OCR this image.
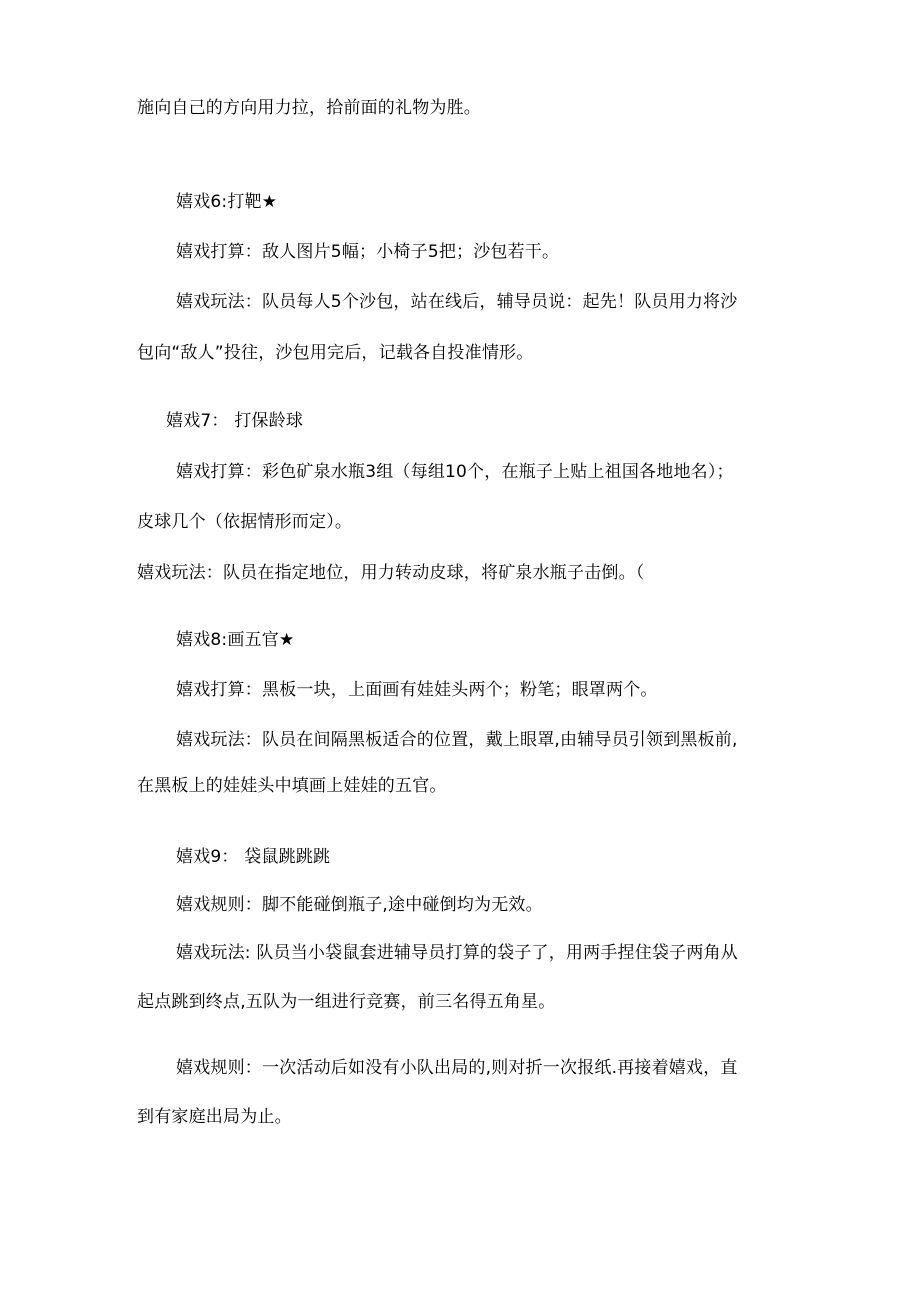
施向自己的方向用力拉，拾前面的礼物为胜。
嬉戏6:打靶★
嬉戏打算：敌人图片5幅；小椅子5把；沙包若干。
嬉戏玩法：队员每人5个沙包，站在线后，辅导员说：起先！队员用力将沙
包向“敌人”投往，沙包用完后，记载各自投准情形。
嬉戏7： 打保龄球
嬉戏打算：彩色矿泉水瓶3组（每组10个，在瓶子上贴上祖国各地地名）；
皮球几个（依据情形而定）。
嬉戏玩法：队员在指定地位，用力转动皮球，将矿泉水瓶子击倒。（
嬉戏8:画五官★
嬉戏打算：黑板一块，上面画有娃娃头两个；粉笔；眼罩两个。
嬉戏玩法：队员在间隔黑板适合的位置，戴上眼罩,由辅导员引领到黑板前,
在黑板上的娃娃头中填画上娃娃的五官。
嬉戏9： 袋鼠跳跳跳
嬉戏规则：脚不能碰倒瓶子,途中碰倒均为无效。
嬉戏玩法: 队员当小袋鼠套进辅导员打算的袋子了，用两手捏住袋子两角从
起点跳到终点,五队为一组进行竞赛，前三名得五角星。
嬉戏规则：一次活动后如没有小队出局的,则对折一次报纸.再接着嬉戏，直
到有家庭出局为止。
